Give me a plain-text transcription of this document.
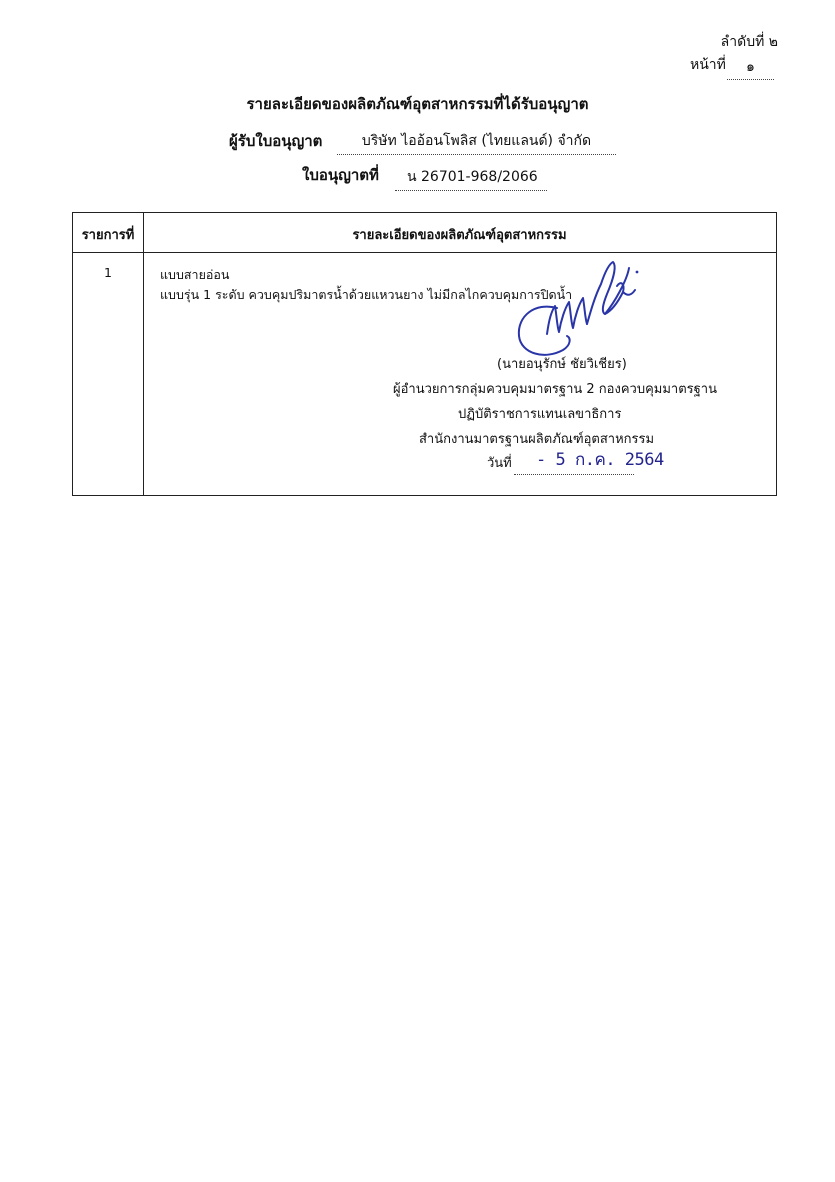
ลำดับที่ ๒
หน้าที่	๑
รายละเอียดของผลิตภัณฑ์อุตสาหกรรมที่ได้รับอนุญาต
ผู้รับใบอนุญาต	บริษัท ไออ้อนโพลิส (ไทยแลนด์) จำกัด
ใบอนุญาตที่	น 26701-968/2066
รายการที่	รายละเอียดของผลิตภัณฑ์อุตสาหกรรม
1	แบบสายอ่อน
แบบรุ่น 1 ระดับ ควบคุมปริมาตรน้ำด้วยแหวนยาง ไม่มีกลไกควบคุมการปิดน้ำ
(นายอนุรักษ์ ชัยวิเชียร)
ผู้อำนวยการกลุ่มควบคุมมาตรฐาน 2 กองควบคุมมาตรฐาน
ปฏิบัติราชการแทนเลขาธิการ
สำนักงานมาตรฐานผลิตภัณฑ์อุตสาหกรรม
วันที่	- 5 ก.ค. 2564
